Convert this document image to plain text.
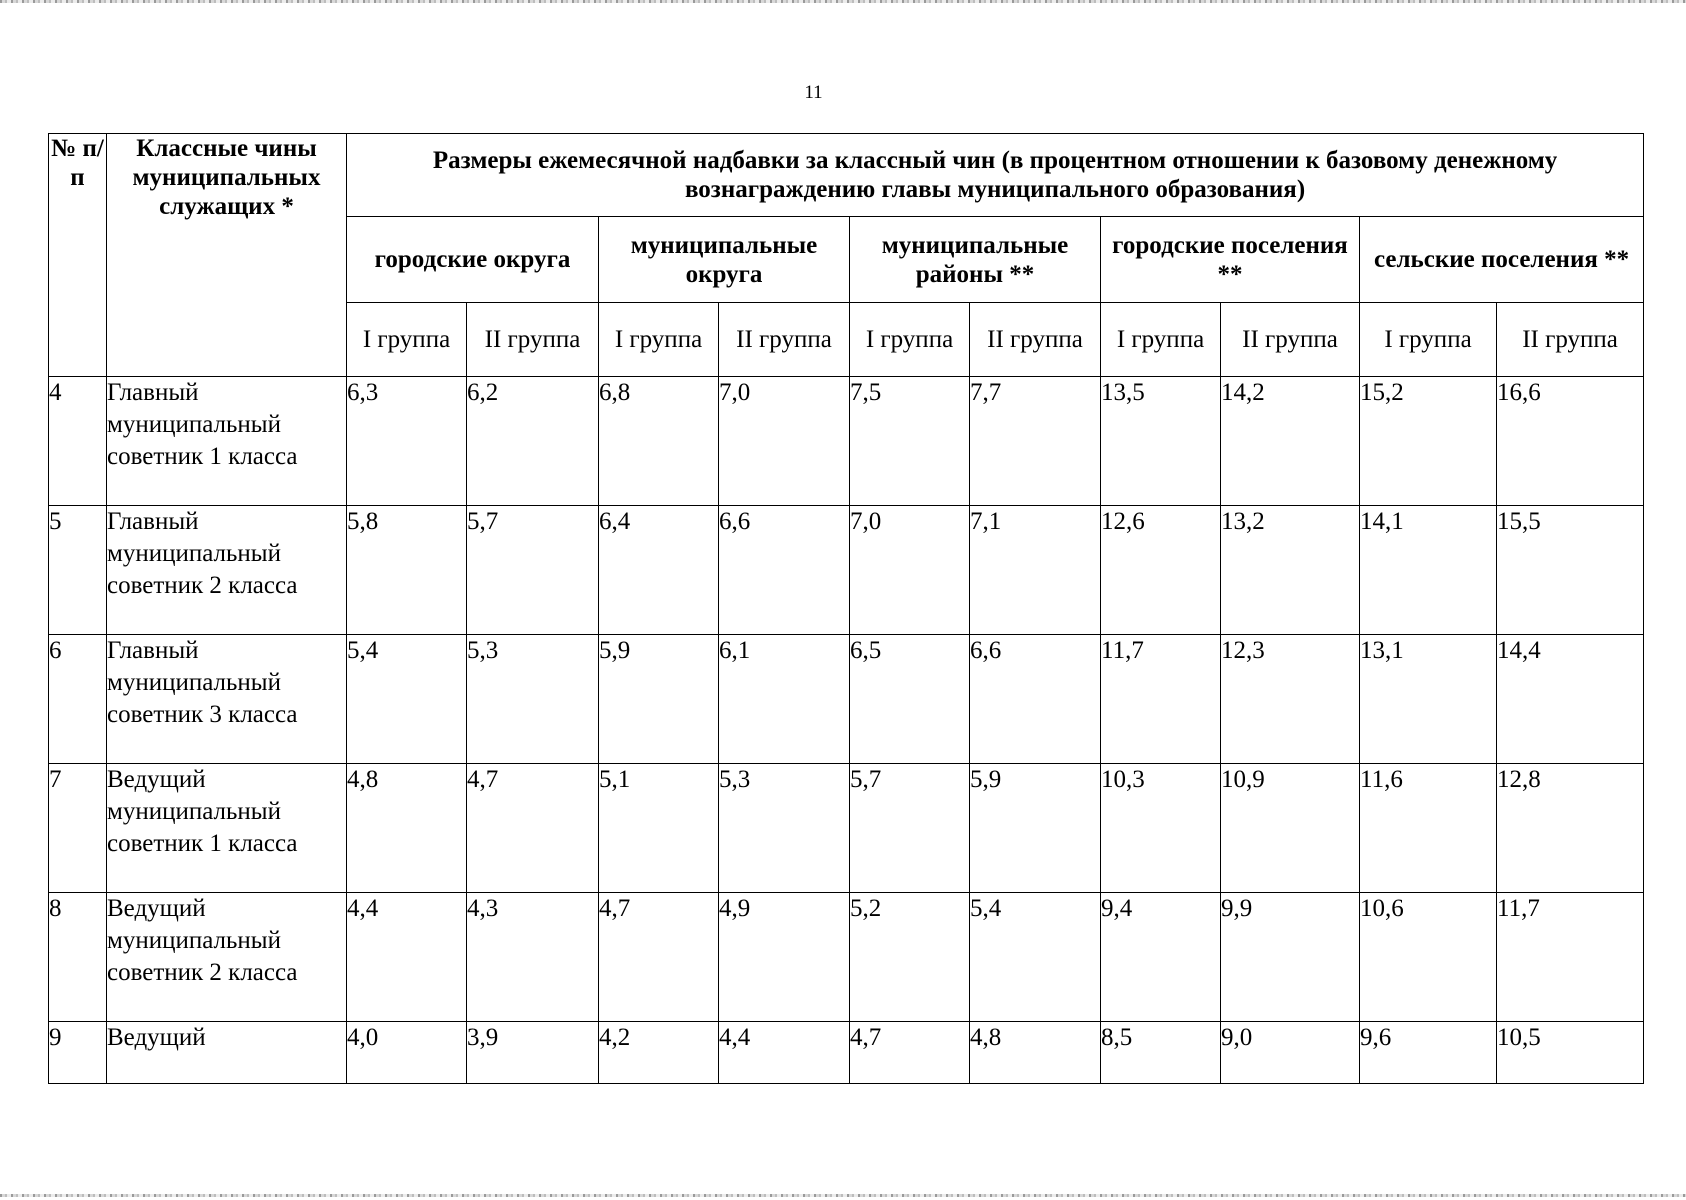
11
№ п/п	Классные чины муниципальных служащих *	Размеры ежемесячной надбавки за классный чин (в процентном отношении к базовому денежному вознаграждению главы муниципального образования)									
		городские округа		муниципальные округа		муниципальные районы **		городские поселения **		сельские поселения **	
		I группа	II группа	I группа	II группа	I группа	II группа	I группа	II группа	I группа	II группа
4	Главный муниципальный советник 1 класса	6,3	6,2	6,8	7,0	7,5	7,7	13,5	14,2	15,2	16,6
5	Главный муниципальный советник 2 класса	5,8	5,7	6,4	6,6	7,0	7,1	12,6	13,2	14,1	15,5
6	Главный муниципальный советник 3 класса	5,4	5,3	5,9	6,1	6,5	6,6	11,7	12,3	13,1	14,4
7	Ведущий муниципальный советник 1 класса	4,8	4,7	5,1	5,3	5,7	5,9	10,3	10,9	11,6	12,8
8	Ведущий муниципальный советник 2 класса	4,4	4,3	4,7	4,9	5,2	5,4	9,4	9,9	10,6	11,7
9	Ведущий	4,0	3,9	4,2	4,4	4,7	4,8	8,5	9,0	9,6	10,5
